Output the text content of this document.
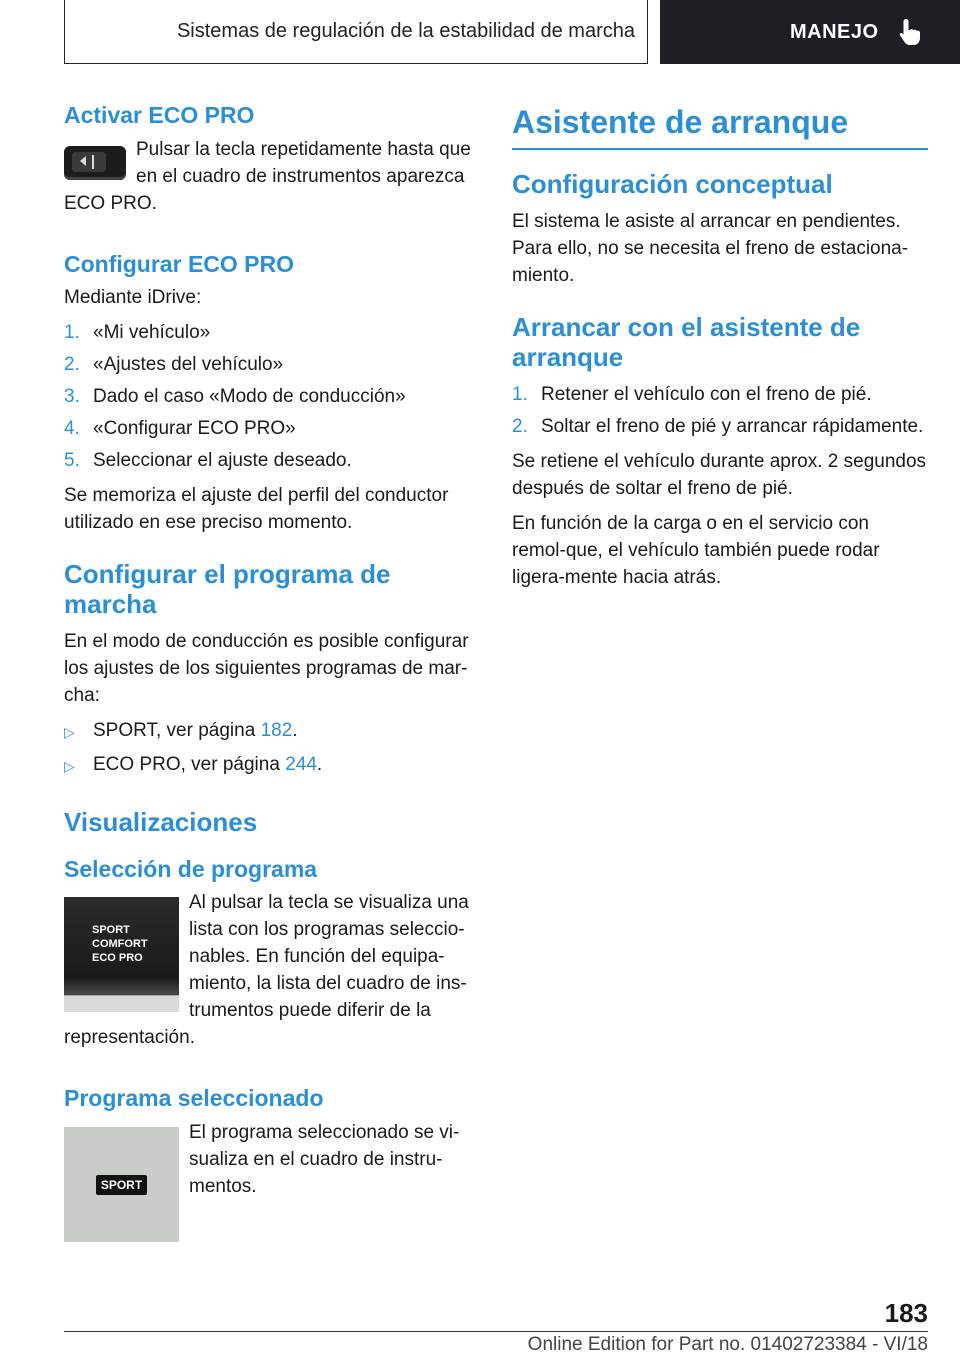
Sistemas de regulación de la estabilidad de marcha	MANEJO
Activar ECO PRO

Pulsar la tecla repetidamente hasta que en el cuadro de instrumentos aparezca ECO PRO.

Configurar ECO PRO

Mediante iDrive:

1. «Mi vehículo»
2. «Ajustes del vehículo»
3. Dado el caso «Modo de conducción»
4. «Configurar ECO PRO»
5. Seleccionar el ajuste deseado.

Se memoriza el ajuste del perfil del conductor utilizado en ese preciso momento.

Configurar el programa de marcha

En el modo de conducción es posible configurar los ajustes de los siguientes programas de mar‐cha:

▷ SPORT, ver página 182.
▷ ECO PRO, ver página 244.
Visualizaciones
Selección de programa
SPORT
COMFORT
ECO PRO

Al pulsar la tecla se visualiza una lista con los programas seleccio‐nables. En función del equipa‐miento, la lista del cuadro de ins‐trumentos puede diferir de la representación.

Programa seleccionado
SPORT

El programa seleccionado se vi‐sualiza en el cuadro de instru‐mentos.

Asistente de arranque
Configuración conceptual

El sistema le asiste al arrancar en pendientes. Para ello, no se necesita el freno de estaciona‐miento.

Arrancar con el asistente de arranque
1. Retener el vehículo con el freno de pié.
2. Soltar el freno de pié y arrancar rápidamente.

Se retiene el vehículo durante aprox. 2 segundos después de soltar el freno de pié.

En función de la carga o en el servicio con remol‐que, el vehículo también puede rodar ligera‐mente hacia atrás.

183
Online Edition for Part no. 01402723384 - VI/18
